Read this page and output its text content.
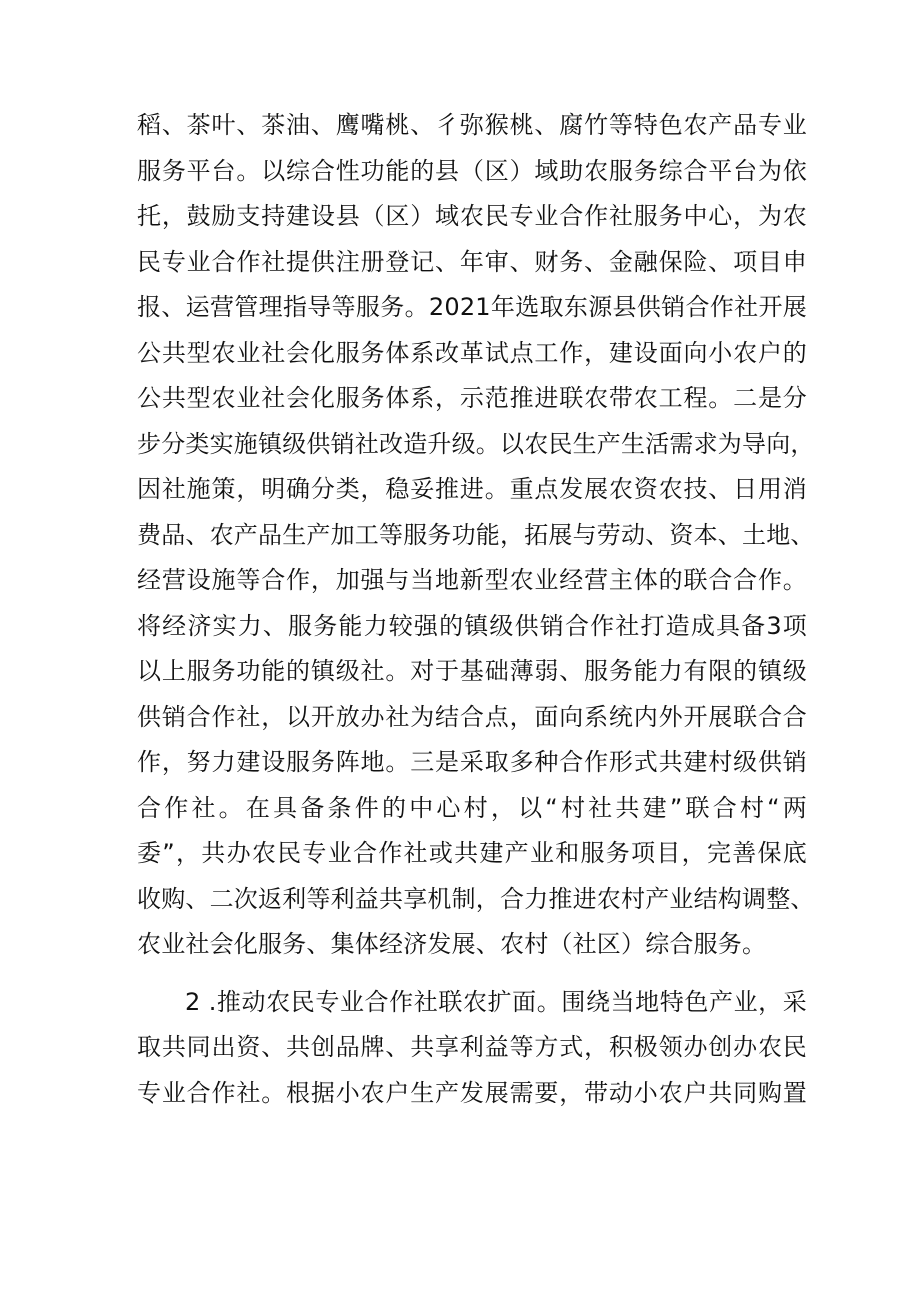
稻、茶叶、茶油、鹰嘴桃、彳弥猴桃、腐竹等特色农产品专业
服务平台。以综合性功能的县（区）域助农服务综合平台为依
托，鼓励支持建设县（区）域农民专业合作社服务中心，为农
民专业合作社提供注册登记、年审、财务、金融保险、项目申
报、运营管理指导等服务。2021年选取东源县供销合作社开展
公共型农业社会化服务体系改革试点工作，建设面向小农户的
公共型农业社会化服务体系，示范推进联农带农工程。二是分
步分类实施镇级供销社改造升级。以农民生产生活需求为导向，
因社施策，明确分类，稳妥推进。重点发展农资农技、日用消
费品、农产品生产加工等服务功能，拓展与劳动、资本、土地、
经营设施等合作，加强与当地新型农业经营主体的联合合作。
将经济实力、服务能力较强的镇级供销合作社打造成具备3项
以上服务功能的镇级社。对于基础薄弱、服务能力有限的镇级
供销合作社，以开放办社为结合点，面向系统内外开展联合合
作，努力建设服务阵地。三是采取多种合作形式共建村级供销
合作社。在具备条件的中心村，以“村社共建”联合村“两
委”，共办农民专业合作社或共建产业和服务项目，完善保底
收购、二次返利等利益共享机制，合力推进农村产业结构调整、
农业社会化服务、集体经济发展、农村（社区）综合服务。
2 .推动农民专业合作社联农扩面。围绕当地特色产业，采
取共同出资、共创品牌、共享利益等方式，积极领办创办农民
专业合作社。根据小农户生产发展需要，带动小农户共同购置
